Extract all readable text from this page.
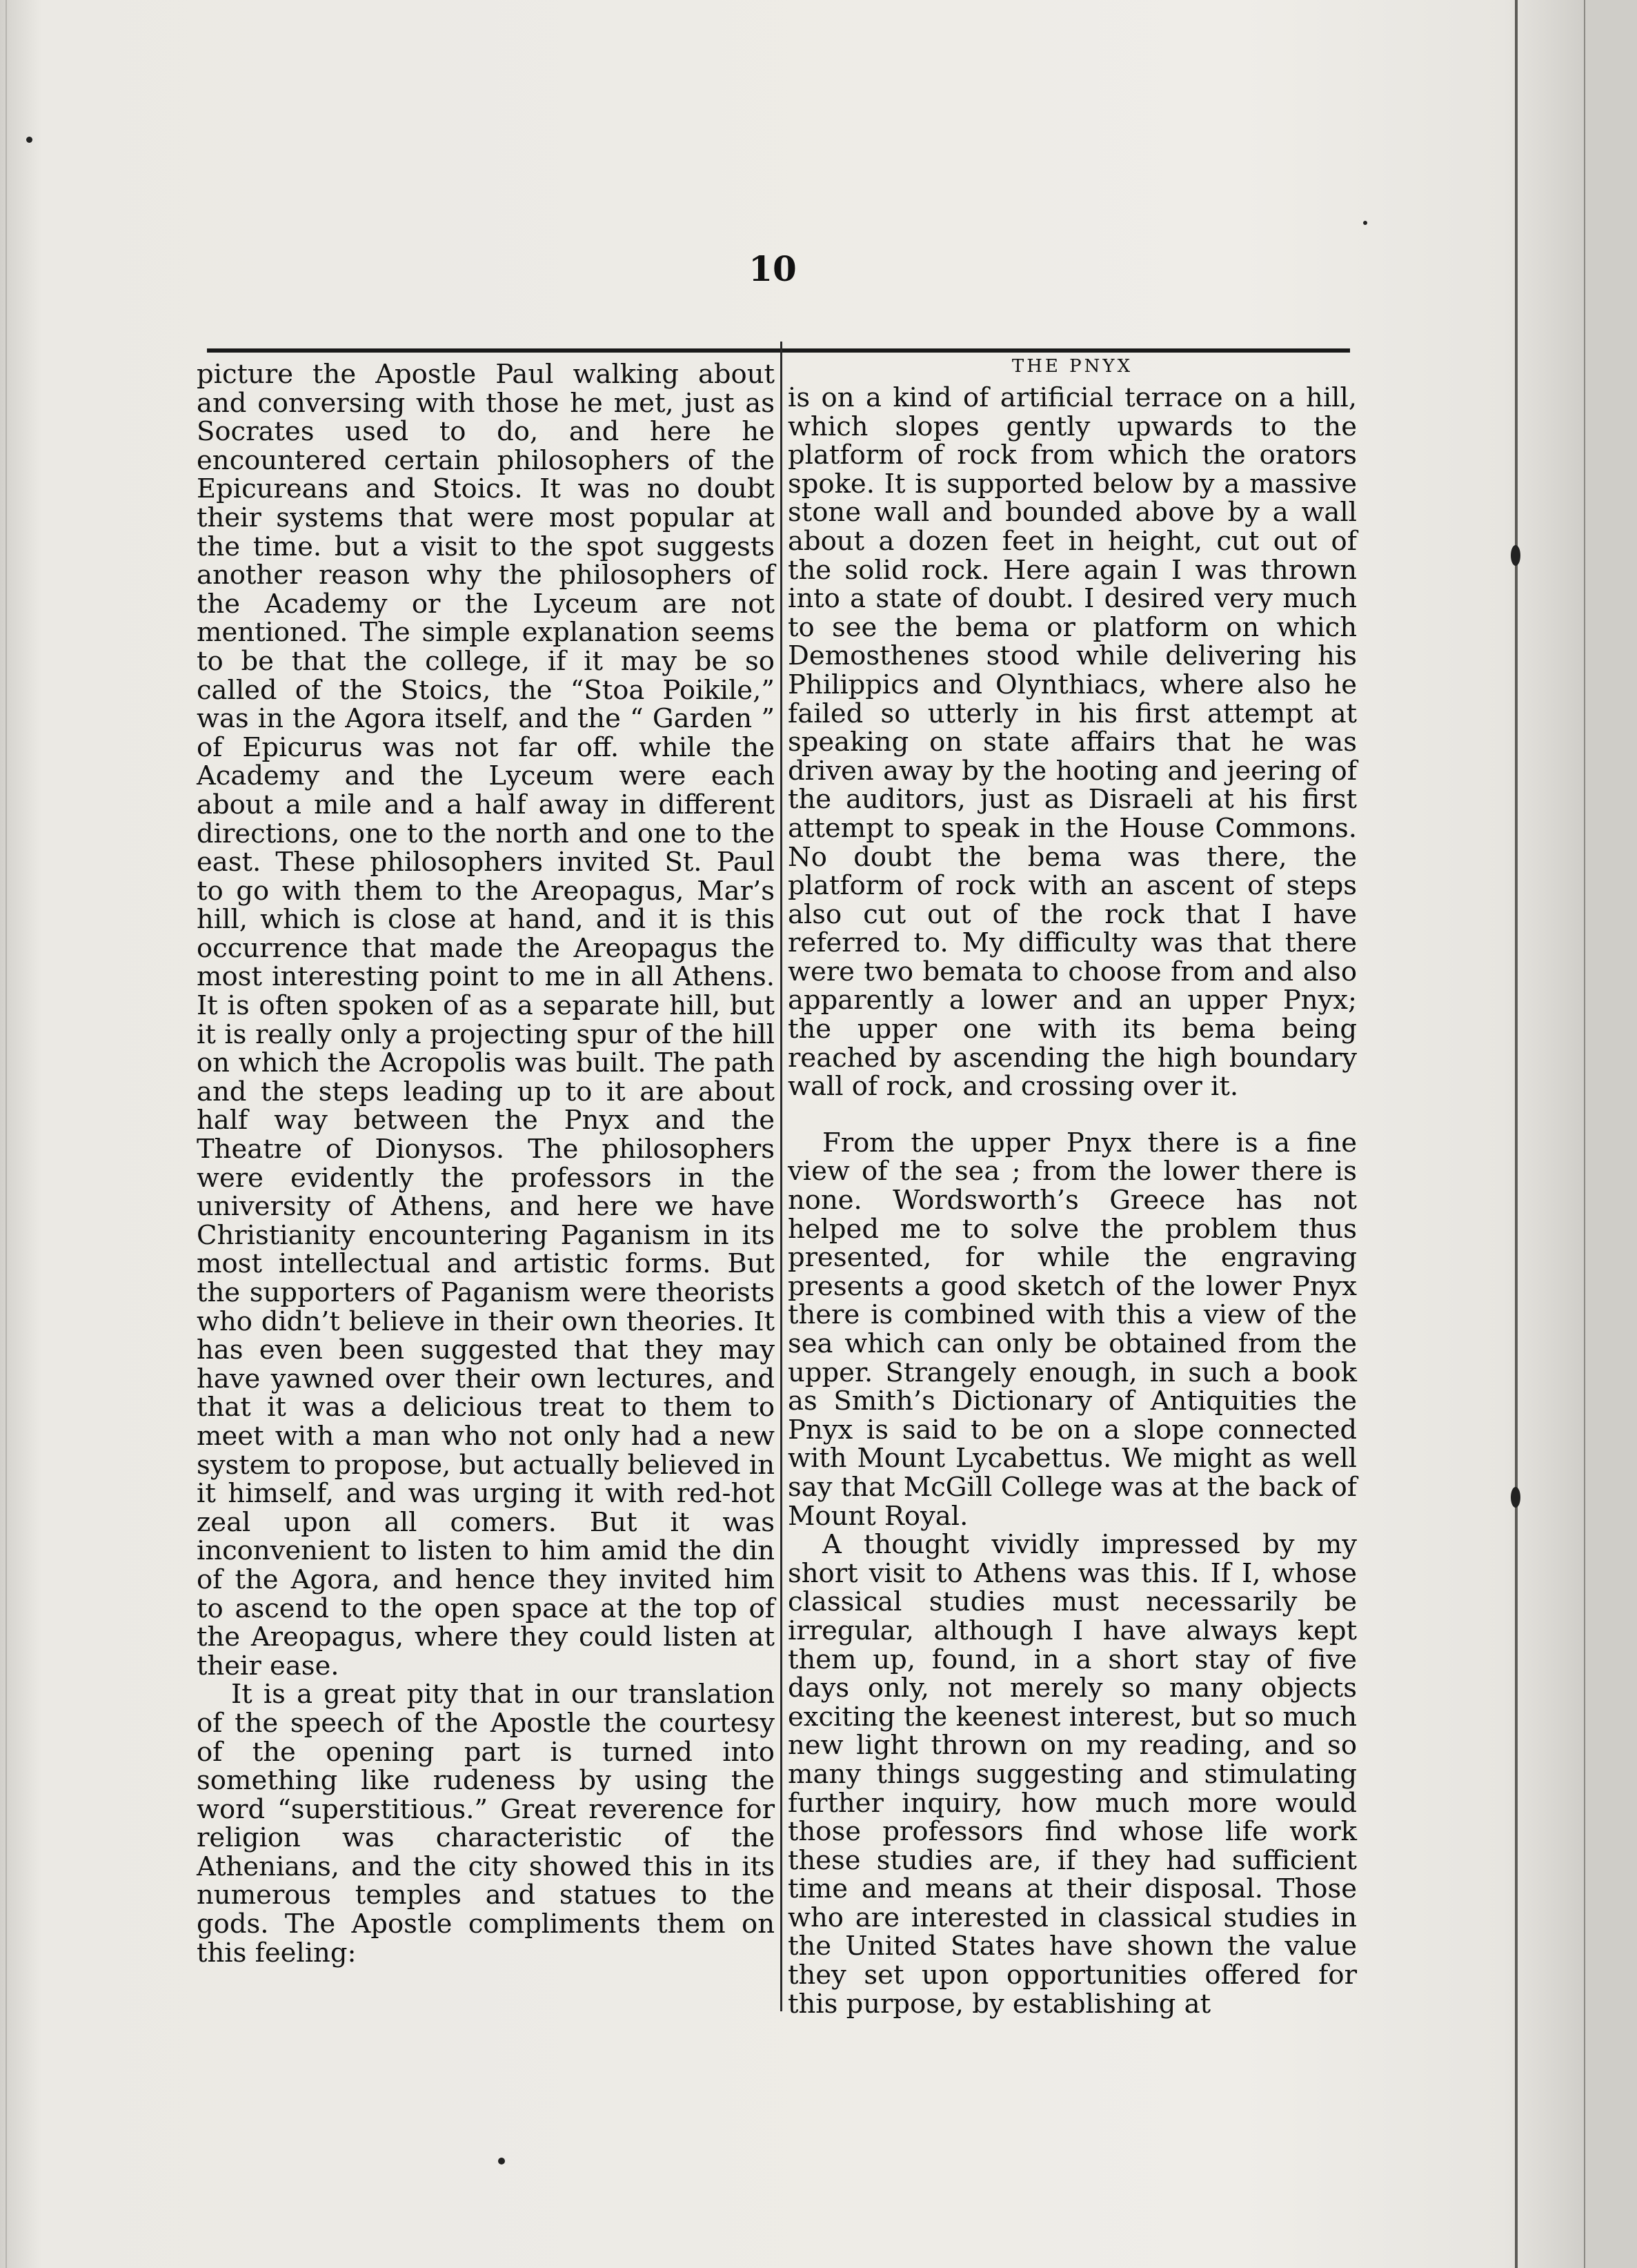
10

picture the Apostle Paul walking about and conversing with those he met, just as Socrates used to do, and here he encountered certain philosophers of the Epicureans and Stoics. It was no doubt their systems that were most popular at the time. but a visit to the spot suggests another reason why the philosophers of the Academy or the Lyceum are not mentioned. The simple explanation seems to be that the college, if it may be so called of the Stoics, the “Stoa Poikile,” was in the Agora itself, and the “ Garden ” of Epicurus was not far off. while the Academy and the Lyceum were each about a mile and a half away in different directions, one to the north and one to the east. These philosophers invited St. Paul to go with them to the Areopagus, Mar’s hill, which is close at hand, and it is this occurrence that made the Areopagus the most interesting point to me in all Athens. It is often spoken of as a separate hill, but it is really only a projecting spur of the hill on which the Acropolis was built. The path and the steps leading up to it are about half way between the Pnyx and the Theatre of Dionysos. The philosophers were evidently the professors in the university of Athens, and here we have Christianity encountering Paganism in its most intellectual and artistic forms. But the supporters of Paganism were theorists who didn’t believe in their own theories. It has even been suggested that they may have yawned over their own lectures, and that it was a delicious treat to them to meet with a man who not only had a new system to propose, but actually believed in it himself, and was urging it with red-hot zeal upon all comers. But it was inconvenient to listen to him amid the din of the Agora, and hence they invited him to ascend to the open space at the top of the Areopagus, where they could listen at their ease.

It is a great pity that in our translation of the speech of the Apostle the courtesy of the opening part is turned into something like rudeness by using the word “superstitious.” Great reverence for religion was characteristic of the Athenians, and the city showed this in its numerous temples and statues to the gods. The Apostle compliments them on this feeling:

THE PNYX

is on a kind of artificial terrace on a hill, which slopes gently upwards to the platform of rock from which the orators spoke. It is supported below by a massive stone wall and bounded above by a wall about a dozen feet in height, cut out of the solid rock. Here again I was thrown into a state of doubt. I desired very much to see the bema or platform on which Demosthenes stood while delivering his Philippics and Olynthiacs, where also he failed so utterly in his first attempt at speaking on state affairs that he was driven away by the hooting and jeering of the auditors, just as Disraeli at his first attempt to speak in the House Commons. No doubt the bema was there, the platform of rock with an ascent of steps also cut out of the rock that I have referred to. My difficulty was that there were two bemata to choose from and also apparently a lower and an upper Pnyx; the upper one with its bema being reached by ascending the high boundary wall of rock, and crossing over it.

From the upper Pnyx there is a fine view of the sea ; from the lower there is none. Wordsworth’s Greece has not helped me to solve the problem thus presented, for while the engraving presents a good sketch of the lower Pnyx there is combined with this a view of the sea which can only be obtained from the upper. Strangely enough, in such a book as Smith’s Dictionary of Antiquities the Pnyx is said to be on a slope connected with Mount Lycabettus. We might as well say that McGill College was at the back of Mount Royal.

A thought vividly impressed by my short visit to Athens was this. If I, whose classical studies must necessarily be irregular, although I have always kept them up, found, in a short stay of five days only, not merely so many objects exciting the keenest interest, but so much new light thrown on my reading, and so many things suggesting and stimulating further inquiry, how much more would those professors find whose life work these studies are, if they had sufficient time and means at their disposal. Those who are interested in classical studies in the United States have shown the value they set upon opportunities offered for this purpose, by establishing at
